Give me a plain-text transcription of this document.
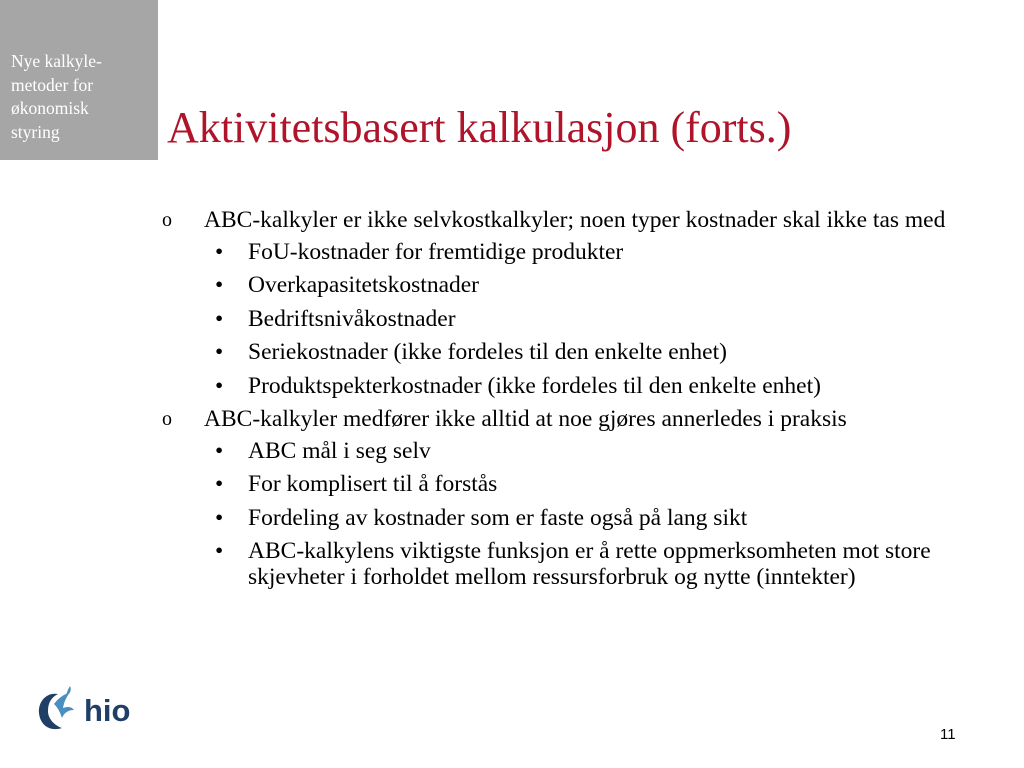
Nye kalkyle-
metoder for
økonomisk
styring	Aktivitetsbasert kalkulasjon (forts.)
o ABC-kalkyler er ikke selvkostkalkyler; noen typer kostnader skal ikke tas med
• FoU-kostnader for fremtidige produkter
• Overkapasitetskostnader
• Bedriftsnivåkostnader
• Seriekostnader (ikke fordeles til den enkelte enhet)
• Produktspekterkostnader (ikke fordeles til den enkelte enhet)
o ABC-kalkyler medfører ikke alltid at noe gjøres annerledes i praksis
• ABC mål i seg selv
• For komplisert til å forstås
• Fordeling av kostnader som er faste også på lang sikt
• ABC-kalkylens viktigste funksjon er å rette oppmerksomheten mot store skjevheter i forholdet mellom ressursforbruk og nytte (inntekter)
hio
11
